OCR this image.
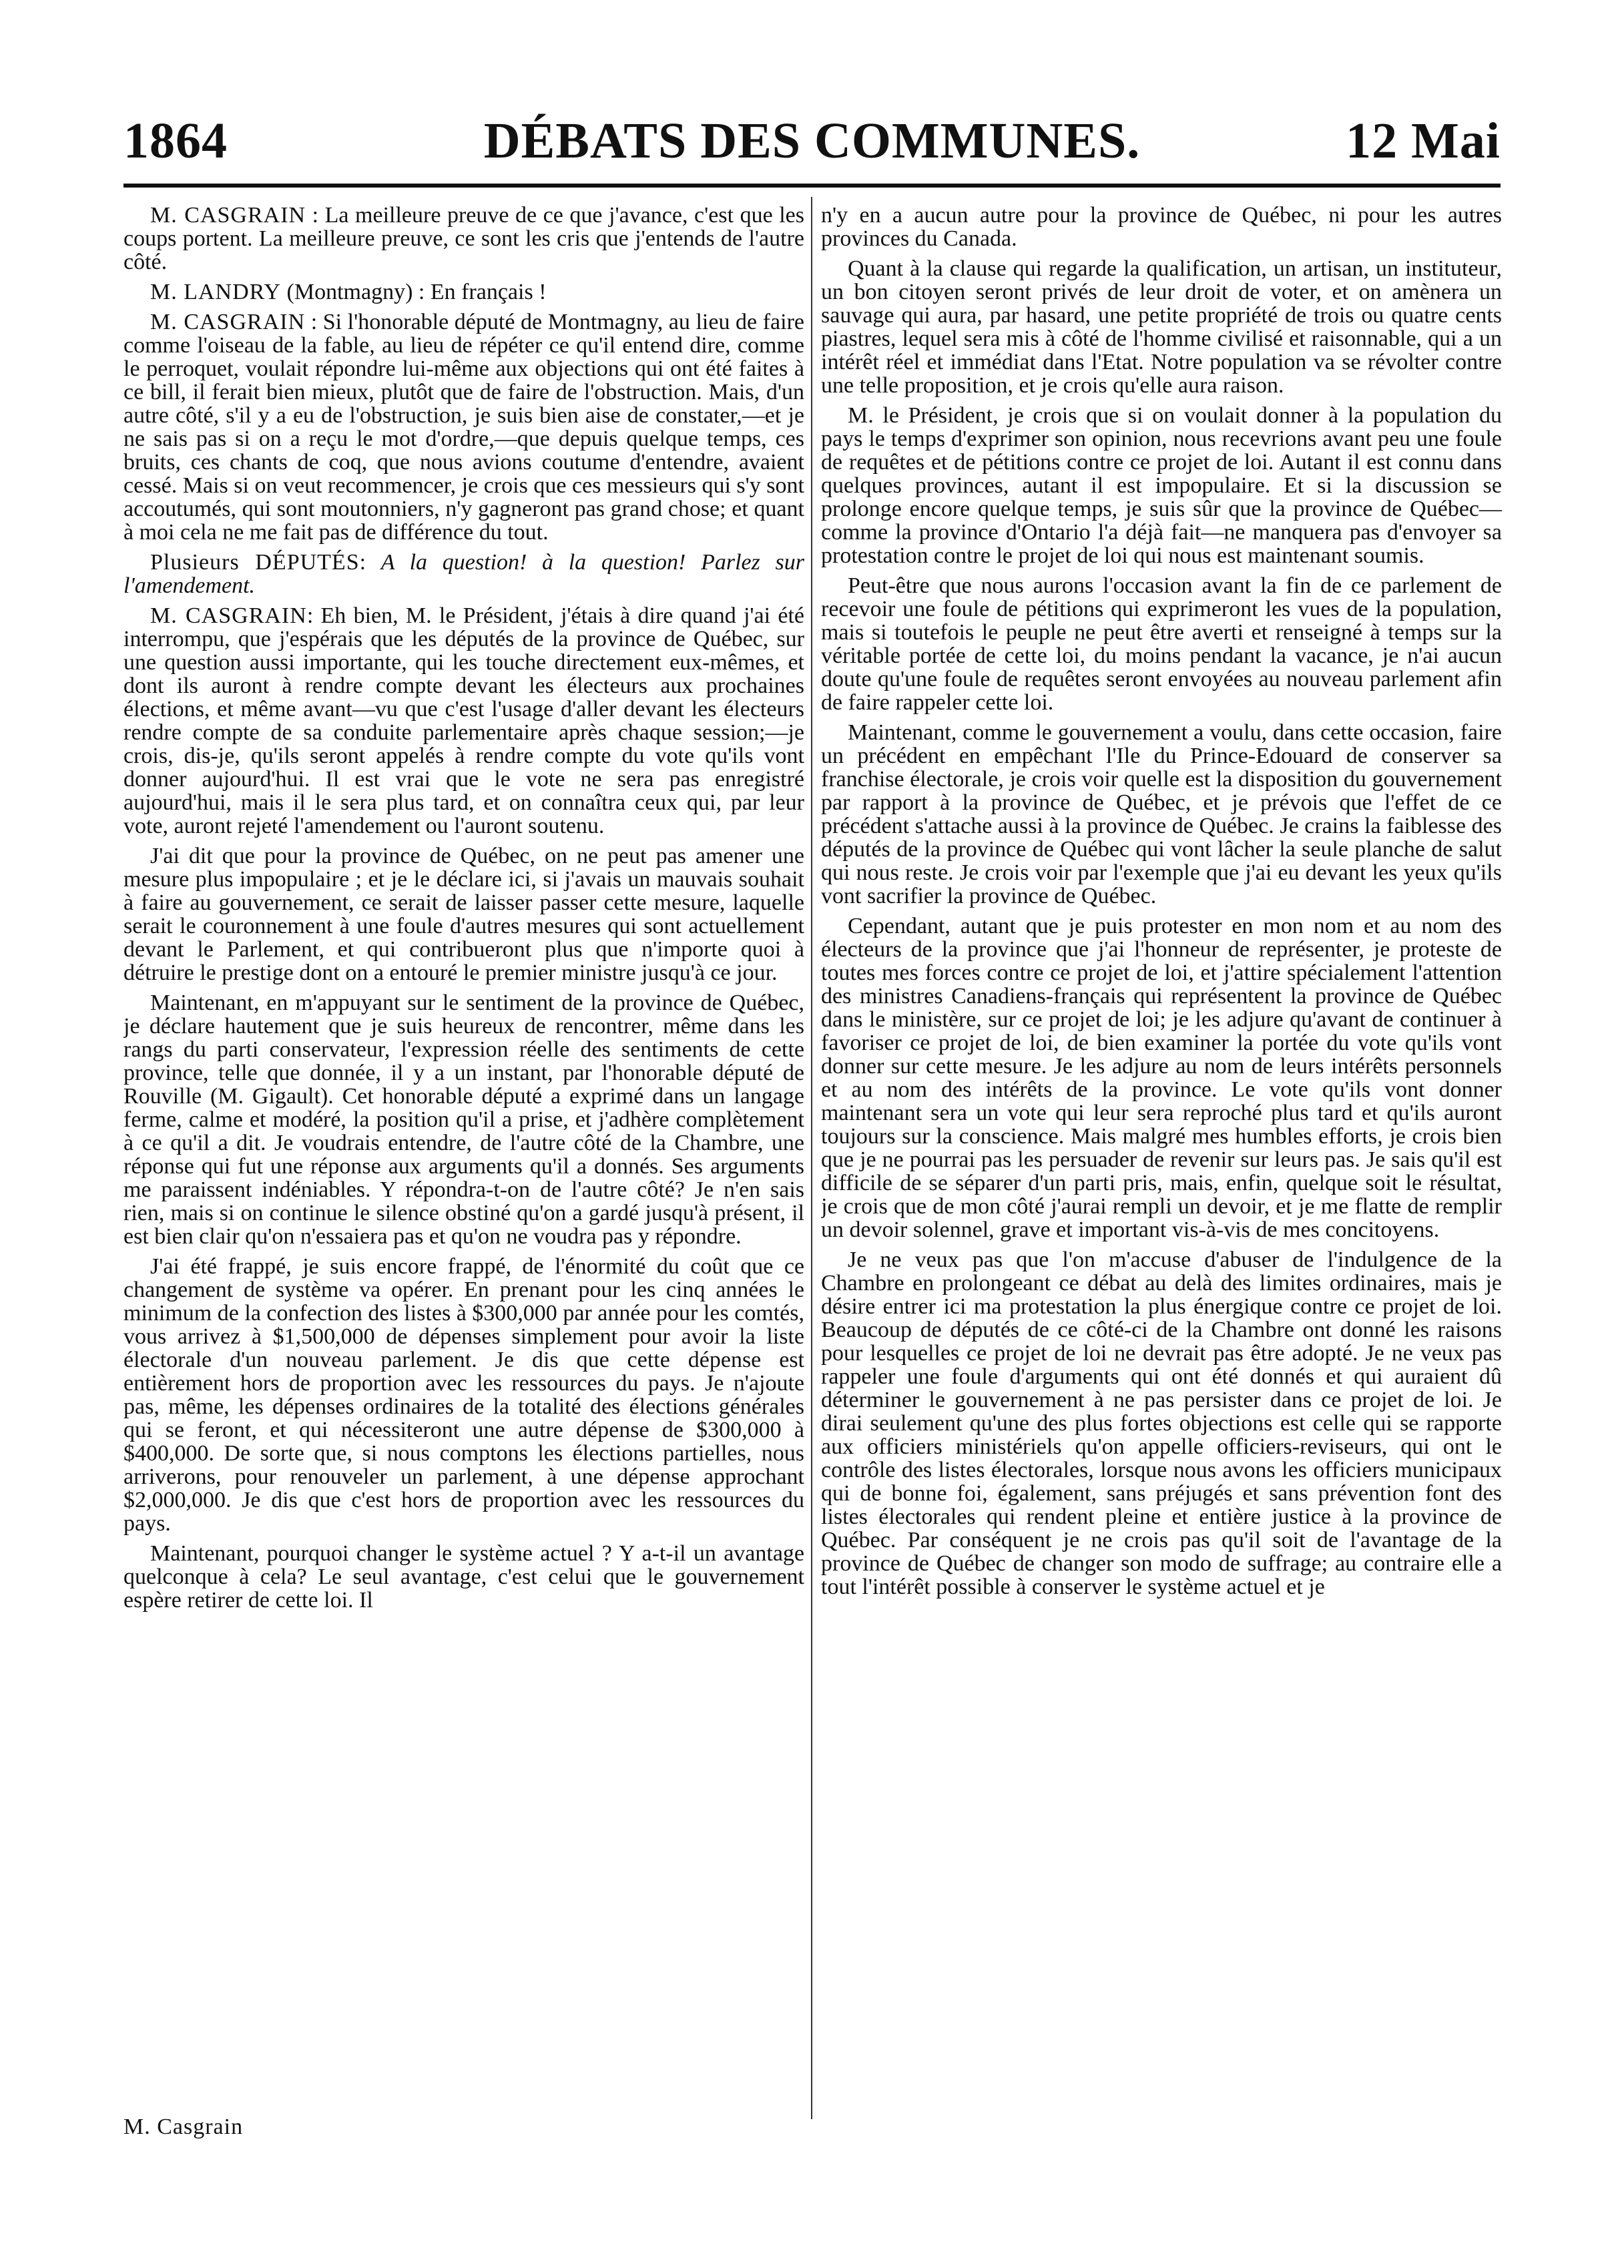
1864	DÉBATS DES COMMUNES.	12 Mai

M. CASGRAIN : La meilleure preuve de ce que j'avance, c'est que les coups portent. La meilleure preuve, ce sont les cris que j'entends de l'autre côté.

M. LANDRY (Montmagny) : En français !

M. CASGRAIN : Si l'honorable député de Montmagny, au lieu de faire comme l'oiseau de la fable, au lieu de répéter ce qu'il entend dire, comme le perroquet, voulait répondre lui-même aux objections qui ont été faites à ce bill, il ferait bien mieux, plutôt que de faire de l'obstruction. Mais, d'un autre côté, s'il y a eu de l'obstruction, je suis bien aise de constater,—et je ne sais pas si on a reçu le mot d'ordre,—que depuis quelque temps, ces bruits, ces chants de coq, que nous avions coutume d'entendre, avaient cessé. Mais si on veut recommencer, je crois que ces messieurs qui s'y sont accoutumés, qui sont moutonniers, n'y gagneront pas grand chose; et quant à moi cela ne me fait pas de différence du tout.

Plusieurs DÉPUTÉS: A la question! à la question! Parlez sur l'amendement.

M. CASGRAIN: Eh bien, M. le Président, j'étais à dire quand j'ai été interrompu, que j'espérais que les députés de la province de Québec, sur une question aussi importante, qui les touche directement eux-mêmes, et dont ils auront à rendre compte devant les électeurs aux prochaines élections, et même avant—vu que c'est l'usage d'aller devant les électeurs rendre compte de sa conduite parlementaire après chaque session;—je crois, dis-je, qu'ils seront appelés à rendre compte du vote qu'ils vont donner aujourd'hui. Il est vrai que le vote ne sera pas enregistré aujourd'hui, mais il le sera plus tard, et on connaîtra ceux qui, par leur vote, auront rejeté l'amendement ou l'auront soutenu.

J'ai dit que pour la province de Québec, on ne peut pas amener une mesure plus impopulaire ; et je le déclare ici, si j'avais un mauvais souhait à faire au gouvernement, ce serait de laisser passer cette mesure, laquelle serait le couronnement à une foule d'autres mesures qui sont actuellement devant le Parlement, et qui contribueront plus que n'importe quoi à détruire le prestige dont on a entouré le premier ministre jusqu'à ce jour.

Maintenant, en m'appuyant sur le sentiment de la province de Québec, je déclare hautement que je suis heureux de rencontrer, même dans les rangs du parti conservateur, l'expression réelle des sentiments de cette province, telle que donnée, il y a un instant, par l'honorable député de Rouville (M. Gigault). Cet honorable député a exprimé dans un langage ferme, calme et modéré, la position qu'il a prise, et j'adhère complètement à ce qu'il a dit. Je voudrais entendre, de l'autre côté de la Chambre, une réponse qui fut une réponse aux arguments qu'il a donnés. Ses arguments me paraissent indéniables. Y répondra-t-on de l'autre côté? Je n'en sais rien, mais si on continue le silence obstiné qu'on a gardé jusqu'à présent, il est bien clair qu'on n'essaiera pas et qu'on ne voudra pas y répondre.

J'ai été frappé, je suis encore frappé, de l'énormité du coût que ce changement de système va opérer. En prenant pour les cinq années le minimum de la confection des listes à $300,000 par année pour les comtés, vous arrivez à $1,500,000 de dépenses simplement pour avoir la liste électorale d'un nouveau parlement. Je dis que cette dépense est entièrement hors de proportion avec les ressources du pays. Je n'ajoute pas, même, les dépenses ordinaires de la totalité des élections générales qui se feront, et qui nécessiteront une autre dépense de $300,000 à $400,000. De sorte que, si nous comptons les élections partielles, nous arriverons, pour renouveler un parlement, à une dépense approchant $2,000,000. Je dis que c'est hors de proportion avec les ressources du pays.

Maintenant, pourquoi changer le système actuel ? Y a-t-il un avantage quelconque à cela? Le seul avantage, c'est celui que le gouvernement espère retirer de cette loi. Il

n'y en a aucun autre pour la province de Québec, ni pour les autres provinces du Canada.

Quant à la clause qui regarde la qualification, un artisan, un instituteur, un bon citoyen seront privés de leur droit de voter, et on amènera un sauvage qui aura, par hasard, une petite propriété de trois ou quatre cents piastres, lequel sera mis à côté de l'homme civilisé et raisonnable, qui a un intérêt réel et immédiat dans l'Etat. Notre population va se révolter contre une telle proposition, et je crois qu'elle aura raison.

M. le Président, je crois que si on voulait donner à la population du pays le temps d'exprimer son opinion, nous recevrions avant peu une foule de requêtes et de pétitions contre ce projet de loi. Autant il est connu dans quelques provinces, autant il est impopulaire. Et si la discussion se prolonge encore quelque temps, je suis sûr que la province de Québec—comme la province d'Ontario l'a déjà fait—ne manquera pas d'envoyer sa protestation contre le projet de loi qui nous est maintenant soumis.

Peut-être que nous aurons l'occasion avant la fin de ce parlement de recevoir une foule de pétitions qui exprimeront les vues de la population, mais si toutefois le peuple ne peut être averti et renseigné à temps sur la véritable portée de cette loi, du moins pendant la vacance, je n'ai aucun doute qu'une foule de requêtes seront envoyées au nouveau parlement afin de faire rappeler cette loi.

Maintenant, comme le gouvernement a voulu, dans cette occasion, faire un précédent en empêchant l'Ile du Prince-Edouard de conserver sa franchise électorale, je crois voir quelle est la disposition du gouvernement par rapport à la province de Québec, et je prévois que l'effet de ce précédent s'attache aussi à la province de Québec. Je crains la faiblesse des députés de la province de Québec qui vont lâcher la seule planche de salut qui nous reste. Je crois voir par l'exemple que j'ai eu devant les yeux qu'ils vont sacrifier la province de Québec.

Cependant, autant que je puis protester en mon nom et au nom des électeurs de la province que j'ai l'honneur de représenter, je proteste de toutes mes forces contre ce projet de loi, et j'attire spécialement l'attention des ministres Canadiens-français qui représentent la province de Québec dans le ministère, sur ce projet de loi; je les adjure qu'avant de continuer à favoriser ce projet de loi, de bien examiner la portée du vote qu'ils vont donner sur cette mesure. Je les adjure au nom de leurs intérêts personnels et au nom des intérêts de la province. Le vote qu'ils vont donner maintenant sera un vote qui leur sera reproché plus tard et qu'ils auront toujours sur la conscience. Mais malgré mes humbles efforts, je crois bien que je ne pourrai pas les persuader de revenir sur leurs pas. Je sais qu'il est difficile de se séparer d'un parti pris, mais, enfin, quelque soit le résultat, je crois que de mon côté j'aurai rempli un devoir, et je me flatte de remplir un devoir solennel, grave et important vis-à-vis de mes concitoyens.

Je ne veux pas que l'on m'accuse d'abuser de l'indulgence de la Chambre en prolongeant ce débat au delà des limites ordinaires, mais je désire entrer ici ma protestation la plus énergique contre ce projet de loi. Beaucoup de députés de ce côté-ci de la Chambre ont donné les raisons pour lesquelles ce projet de loi ne devrait pas être adopté. Je ne veux pas rappeler une foule d'arguments qui ont été donnés et qui auraient dû déterminer le gouvernement à ne pas persister dans ce projet de loi. Je dirai seulement qu'une des plus fortes objections est celle qui se rapporte aux officiers ministériels qu'on appelle officiers-reviseurs, qui ont le contrôle des listes électorales, lorsque nous avons les officiers municipaux qui de bonne foi, également, sans préjugés et sans prévention font des listes électorales qui rendent pleine et entière justice à la province de Québec. Par conséquent je ne crois pas qu'il soit de l'avantage de la province de Québec de changer son modo de suffrage; au contraire elle a tout l'intérêt possible à conserver le système actuel et je

M. Casgrain
